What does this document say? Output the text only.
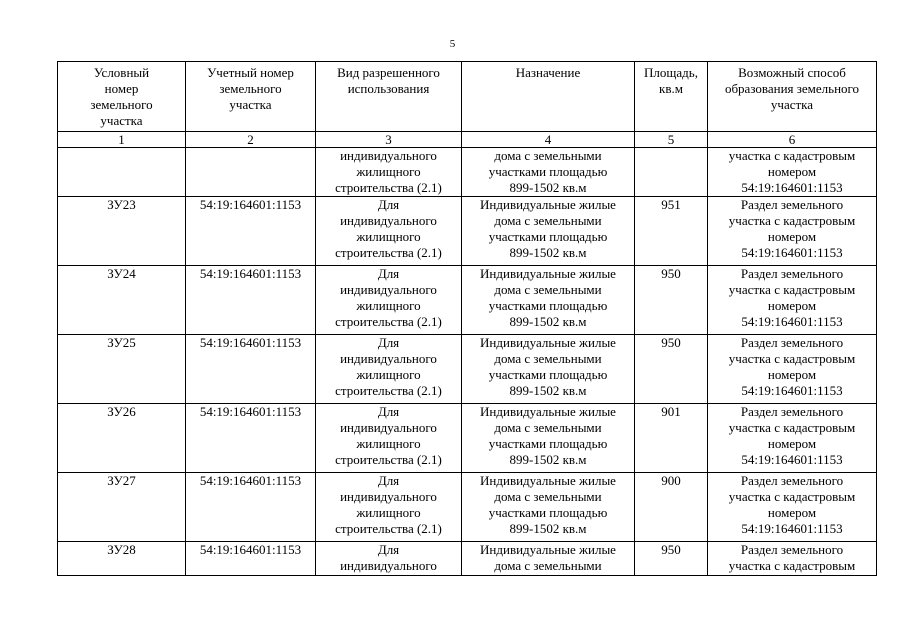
5
Условный
номер
земельного
участка	Учетный номер
земельного
участка	Вид разрешенного
использования	Назначение	Площадь,
кв.м	Возможный способ
образования земельного
участка

1	2	3	4	5	6

		индивидуального
жилищного
строительства (2.1)	дома с земельными
участками площадью
899-1502 кв.м		участка с кадастровым
номером
54:19:164601:1153

ЗУ23	54:19:164601:1153	Для
индивидуального
жилищного
строительства (2.1)	Индивидуальные жилые
дома с земельными
участками площадью
899-1502 кв.м	951	Раздел земельного
участка с кадастровым
номером
54:19:164601:1153

ЗУ24	54:19:164601:1153	Для
индивидуального
жилищного
строительства (2.1)	Индивидуальные жилые
дома с земельными
участками площадью
899-1502 кв.м	950	Раздел земельного
участка с кадастровым
номером
54:19:164601:1153

ЗУ25	54:19:164601:1153	Для
индивидуального
жилищного
строительства (2.1)	Индивидуальные жилые
дома с земельными
участками площадью
899-1502 кв.м	950	Раздел земельного
участка с кадастровым
номером
54:19:164601:1153

ЗУ26	54:19:164601:1153	Для
индивидуального
жилищного
строительства (2.1)	Индивидуальные жилые
дома с земельными
участками площадью
899-1502 кв.м	901	Раздел земельного
участка с кадастровым
номером
54:19:164601:1153

ЗУ27	54:19:164601:1153	Для
индивидуального
жилищного
строительства (2.1)	Индивидуальные жилые
дома с земельными
участками площадью
899-1502 кв.м	900	Раздел земельного
участка с кадастровым
номером
54:19:164601:1153

ЗУ28	54:19:164601:1153	Для
индивидуального	Индивидуальные жилые
дома с земельными	950	Раздел земельного
участка с кадастровым
